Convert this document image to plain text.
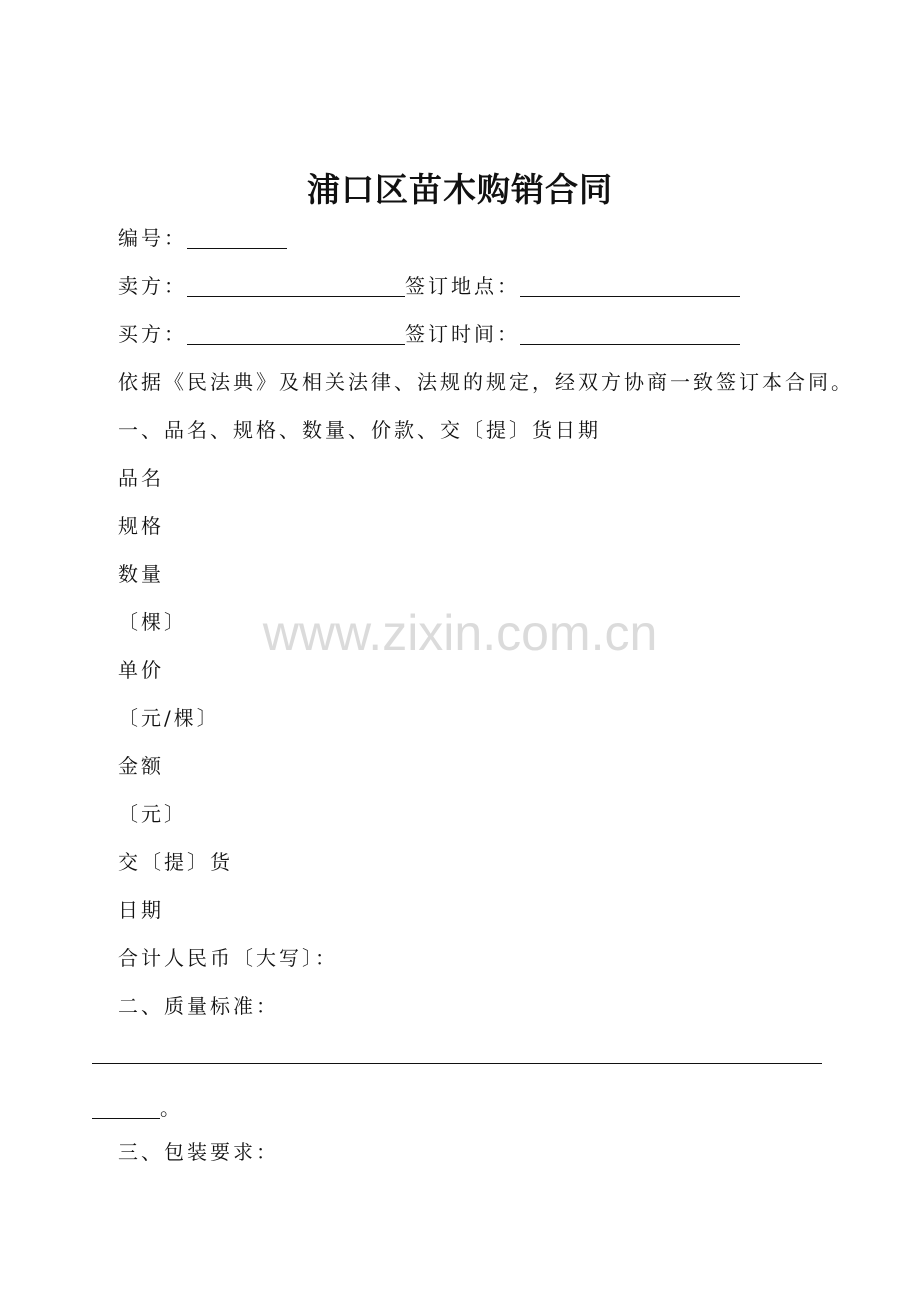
浦口区苗木购销合同
编号：
卖方：	签订地点：
买方：	签订时间：
依据《民法典》及相关法律、法规的规定，经双方协商一致签订本合同。
一、品名、规格、数量、价款、交〔提〕货日期
品名
规格
数量
〔棵〕
单价
〔元/棵〕
金额
〔元〕
交〔提〕货
日期
合计人民币〔大写〕：
二、质量标准：
。
三、包装要求：
www.zixin.com.cn
